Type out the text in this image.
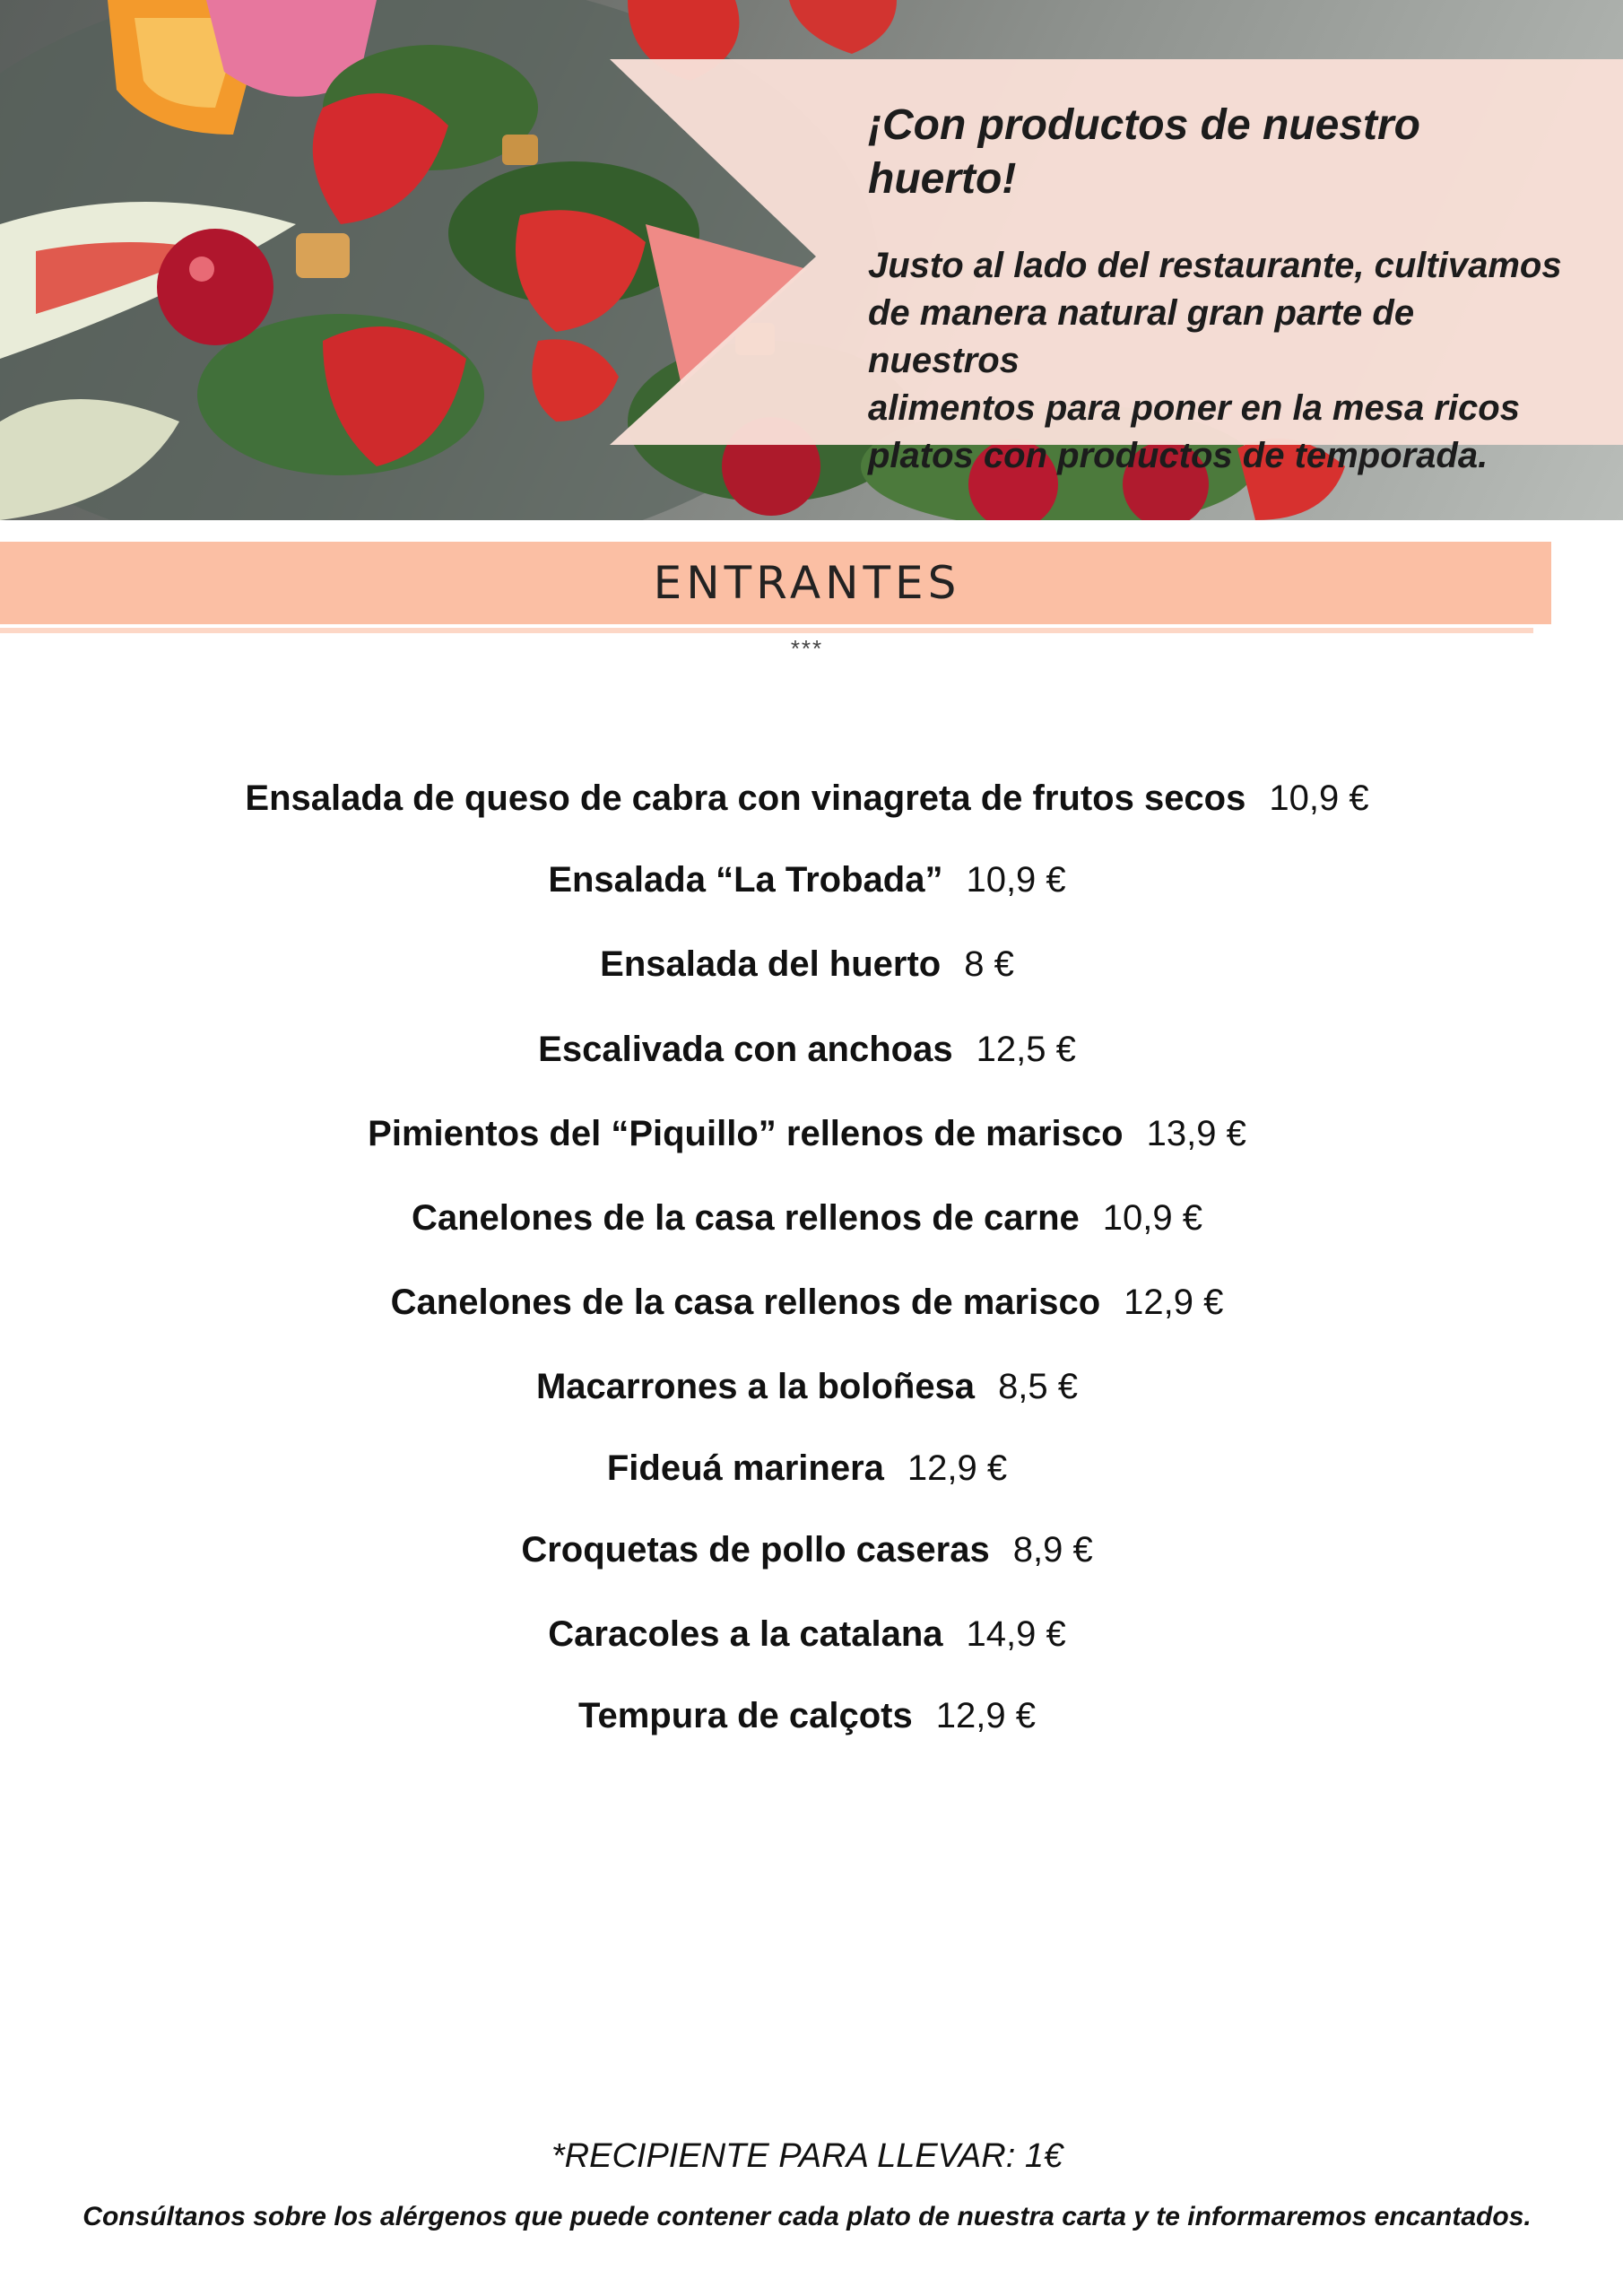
¡Con productos de nuestro huerto!

Justo al lado del restaurante, cultivamos
de manera natural gran parte de nuestros
alimentos para poner en la mesa ricos
platos con productos de temporada.

ENTRANTES
***
Ensalada de queso de cabra con vinagreta de frutos secos 10,9 €
Ensalada “La Trobada” 10,9 €
Ensalada del huerto 8 €
Escalivada con anchoas 12,5 €
Pimientos del “Piquillo” rellenos de marisco 13,9 €
Canelones de la casa rellenos de carne 10,9 €
Canelones de la casa rellenos de marisco 12,9 €
Macarrones a la boloñesa 8,5 €
Fideuá marinera 12,9 €
Croquetas de pollo caseras 8,9 €
Caracoles a la catalana 14,9 €
Tempura de calçots 12,9 €
*RECIPIENTE PARA LLEVAR: 1€
Consúltanos sobre los alérgenos que puede contener cada plato de nuestra carta y te informaremos encantados.
